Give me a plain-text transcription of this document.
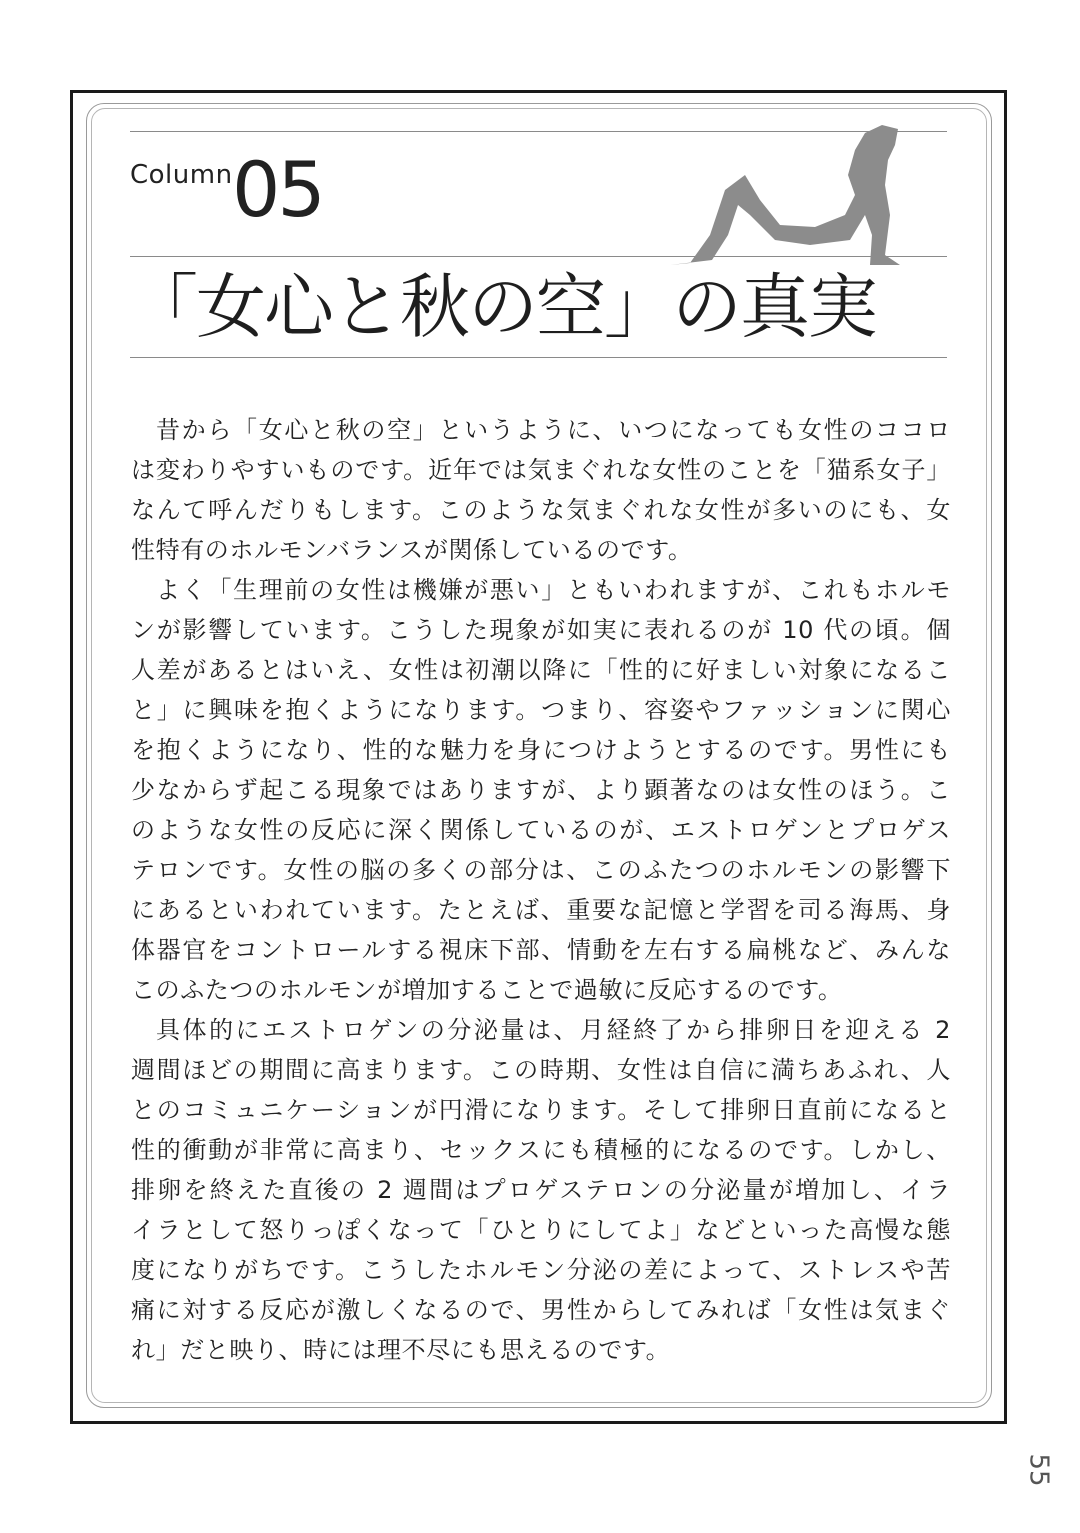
Column 05
「女心と秋の空」の真実
昔から「女心と秋の空」というように、いつになっても女性のココロ
は変わりやすいものです。近年では気まぐれな女性のことを「猫系女子」
なんて呼んだりもします。このような気まぐれな女性が多いのにも、女
性特有のホルモンバランスが関係しているのです。
よく「生理前の女性は機嫌が悪い」ともいわれますが、これもホルモ
ンが影響しています。こうした現象が如実に表れるのが 10 代の頃。個
人差があるとはいえ、女性は初潮以降に「性的に好ましい対象になるこ
と」に興味を抱くようになります。つまり、容姿やファッションに関心
を抱くようになり、性的な魅力を身につけようとするのです。男性にも
少なからず起こる現象ではありますが、より顕著なのは女性のほう。こ
のような女性の反応に深く関係しているのが、エストロゲンとプロゲス
テロンです。女性の脳の多くの部分は、このふたつのホルモンの影響下
にあるといわれています。たとえば、重要な記憶と学習を司る海馬、身
体器官をコントロールする視床下部、情動を左右する扁桃など、みんな
このふたつのホルモンが増加することで過敏に反応するのです。
具体的にエストロゲンの分泌量は、月経終了から排卵日を迎える 2
週間ほどの期間に高まります。この時期、女性は自信に満ちあふれ、人
とのコミュニケーションが円滑になります。そして排卵日直前になると
性的衝動が非常に高まり、セックスにも積極的になるのです。しかし、
排卵を終えた直後の 2 週間はプロゲステロンの分泌量が増加し、イラ
イラとして怒りっぽくなって「ひとりにしてよ」などといった高慢な態
度になりがちです。こうしたホルモン分泌の差によって、ストレスや苦
痛に対する反応が激しくなるので、男性からしてみれば「女性は気まぐ
れ」だと映り、時には理不尽にも思えるのです。
55
